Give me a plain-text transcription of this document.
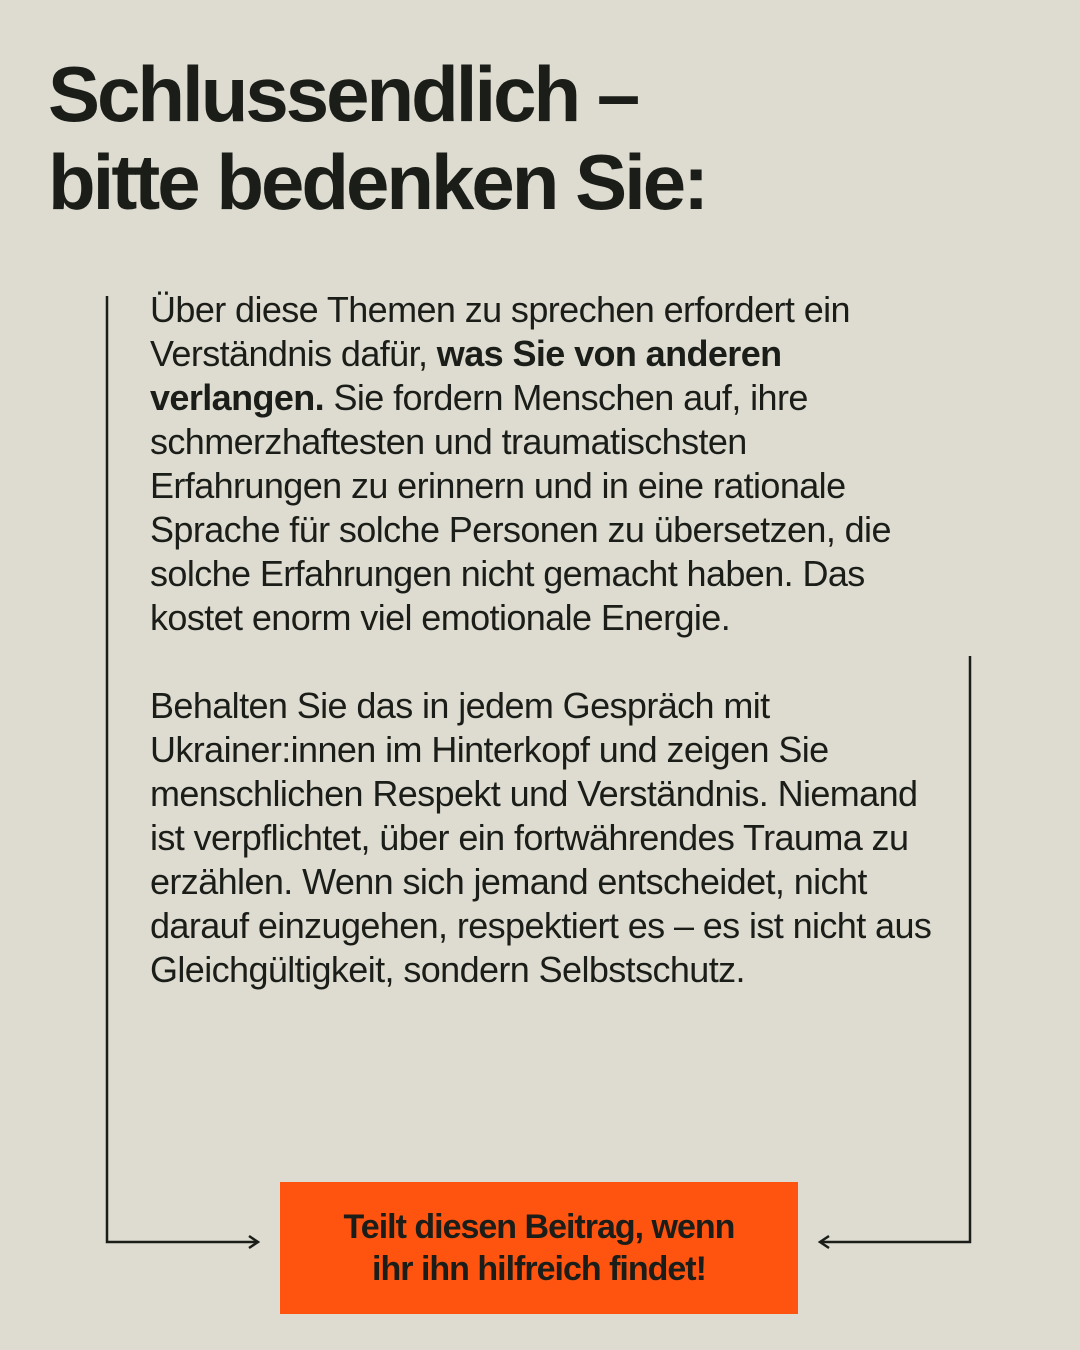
Schlussendlich –
bitte bedenken Sie:

Über diese Themen zu sprechen erfordert ein Verständnis dafür, was Sie von anderen verlangen. Sie fordern Menschen auf, ihre schmerzhaftesten und traumatischsten Erfahrungen zu erinnern und in eine rationale Sprache für solche Personen zu übersetzen, die solche Erfahrungen nicht gemacht haben. Das kostet enorm viel emotionale Energie.

Behalten Sie das in jedem Gespräch mit Ukrainer:innen im Hinterkopf und zeigen Sie menschlichen Respekt und Verständnis. Niemand ist verpflichtet, über ein fortwährendes Trauma zu erzählen. Wenn sich jemand entscheidet, nicht darauf einzugehen, respektiert es – es ist nicht aus Gleichgültigkeit, sondern Selbstschutz.

Teilt diesen Beitrag, wenn
ihr ihn hilfreich findet!
